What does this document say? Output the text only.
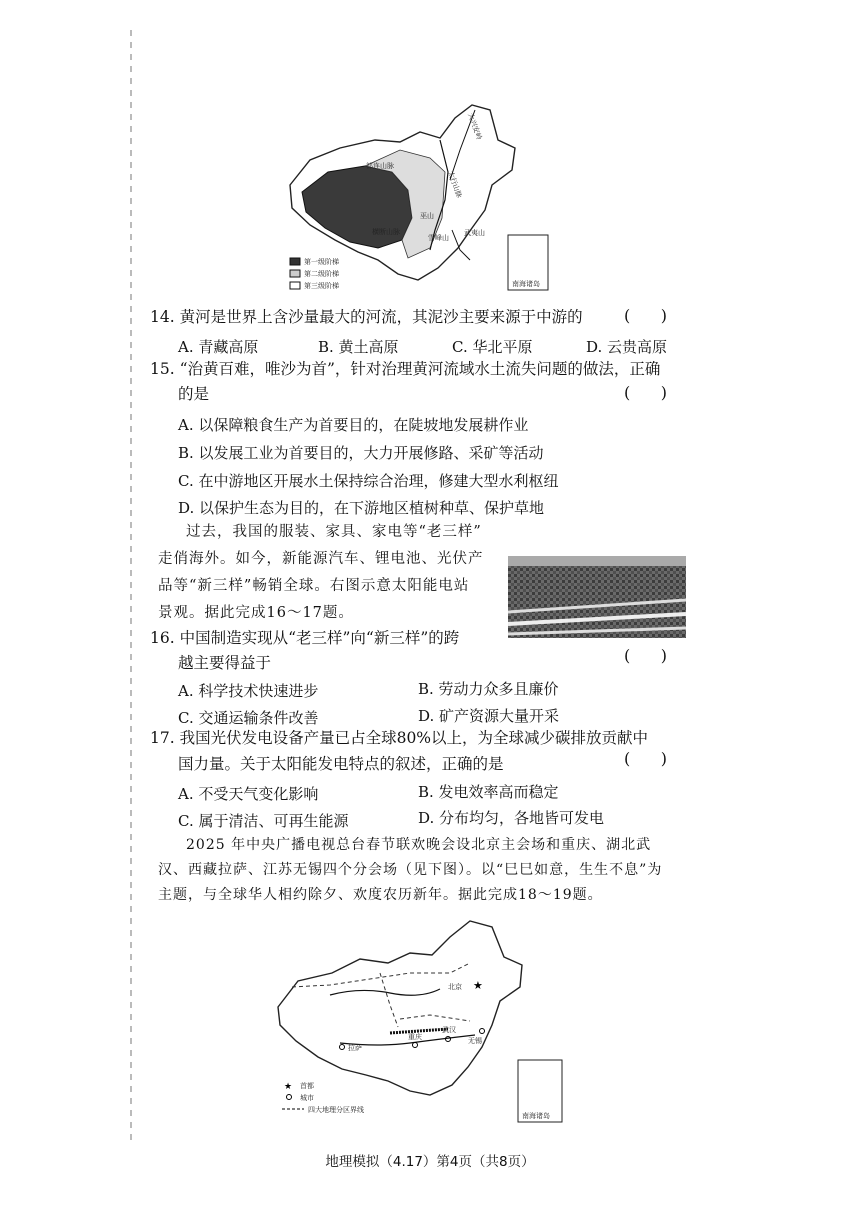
大兴安岭
祁连山脉
太行山脉
巫山
雪峰山
武夷山
横断山脉
第一级阶梯
第二级阶梯
第三级阶梯	南海诸岛
14. 黄河是世界上含沙量最大的河流，其泥沙主要来源于中游的	(      )
A. 青藏高原	B. 黄土高原	C. 华北平原	D. 云贵高原
15. “治黄百难，唯沙为首”，针对治理黄河流域水土流失问题的做法，正确
的是	(      )
A. 以保障粮食生产为首要目的，在陡坡地发展耕作业
B. 以发展工业为首要目的，大力开展修路、采矿等活动
C. 在中游地区开展水土保持综合治理，修建大型水利枢纽
D. 以保护生态为目的，在下游地区植树种草、保护草地
过去，我国的服装、家具、家电等“老三样”
走俏海外。如今，新能源汽车、锂电池、光伏产
品等“新三样”畅销全球。右图示意太阳能电站
景观。据此完成16～17题。
16. 中国制造实现从“老三样”向“新三样”的跨
越主要得益于	(      )
A. 科学技术快速进步	B. 劳动力众多且廉价
C. 交通运输条件改善	D. 矿产资源大量开采
17. 我国光伏发电设备产量已占全球80%以上，为全球减少碳排放贡献中
国力量。关于太阳能发电特点的叙述，正确的是	(      )
A. 不受天气变化影响	B. 发电效率高而稳定
C. 属于清洁、可再生能源	D. 分布均匀，各地皆可发电
2025 年中央广播电视总台春节联欢晚会设北京主会场和重庆、湖北武
汉、西藏拉萨、江苏无锡四个分会场（见下图）。以“巳巳如意，生生不息”为
主题，与全球华人相约除夕、欢度农历新年。据此完成18～19题。
★
北京
拉萨
重庆
武汉
无锡
★ 首都
城市
四大地理分区界线
南海诸岛
地理模拟（4.17）第4页（共8页）
